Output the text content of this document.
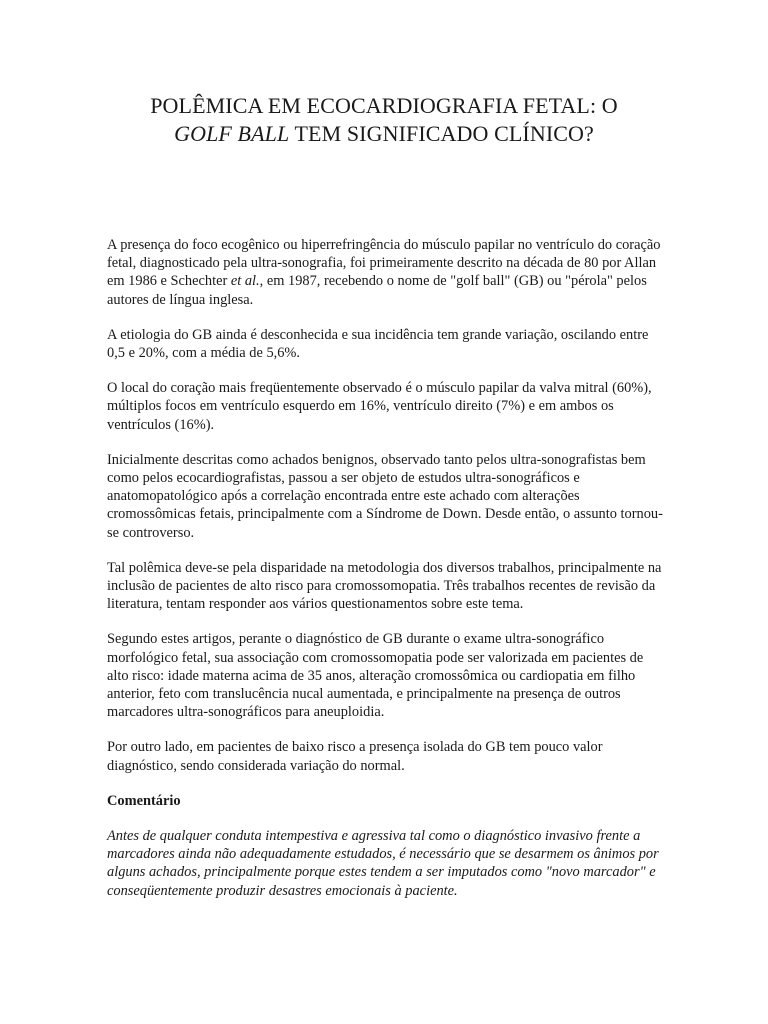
POLÊMICA EM ECOCARDIOGRAFIA FETAL: O
GOLF BALL TEM SIGNIFICADO CLÍNICO?

A presença do foco ecogênico ou hiperrefringência do músculo papilar no ventrículo do coração fetal, diagnosticado pela ultra-sonografia, foi primeiramente descrito na década de 80 por Allan em 1986 e Schechter et al., em 1987, recebendo o nome de "golf ball" (GB) ou "pérola" pelos autores de língua inglesa.

A etiologia do GB ainda é desconhecida e sua incidência tem grande variação, oscilando entre 0,5 e 20%, com a média de 5,6%.

O local do coração mais freqüentemente observado é o músculo papilar da valva mitral (60%), múltiplos focos em ventrículo esquerdo em 16%, ventrículo direito (7%) e em ambos os ventrículos (16%).

Inicialmente descritas como achados benignos, observado tanto pelos ultra-sonografistas bem como pelos ecocardiografistas, passou a ser objeto de estudos ultra-sonográficos e anatomopatológico após a correlação encontrada entre este achado com alterações cromossômicas fetais, principalmente com a Síndrome de Down. Desde então, o assunto tornou-se controverso.

Tal polêmica deve-se pela disparidade na metodologia dos diversos trabalhos, principalmente na inclusão de pacientes de alto risco para cromossomopatia. Três trabalhos recentes de revisão da literatura, tentam responder aos vários questionamentos sobre este tema.

Segundo estes artigos, perante o diagnóstico de GB durante o exame ultra-sonográfico morfológico fetal, sua associação com cromossomopatia pode ser valorizada em pacientes de alto risco: idade materna acima de 35 anos, alteração cromossômica ou cardiopatia em filho anterior, feto com translucência nucal aumentada, e principalmente na presença de outros marcadores ultra-sonográficos para aneuploidia.

Por outro lado, em pacientes de baixo risco a presença isolada do GB tem pouco valor diagnóstico, sendo considerada variação do normal.

Comentário

Antes de qualquer conduta intempestiva e agressiva tal como o diagnóstico invasivo frente a marcadores ainda não adequadamente estudados, é necessário que se desarmem os ânimos por alguns achados, principalmente porque estes tendem a ser imputados como "novo marcador" e conseqüentemente produzir desastres emocionais à paciente.
